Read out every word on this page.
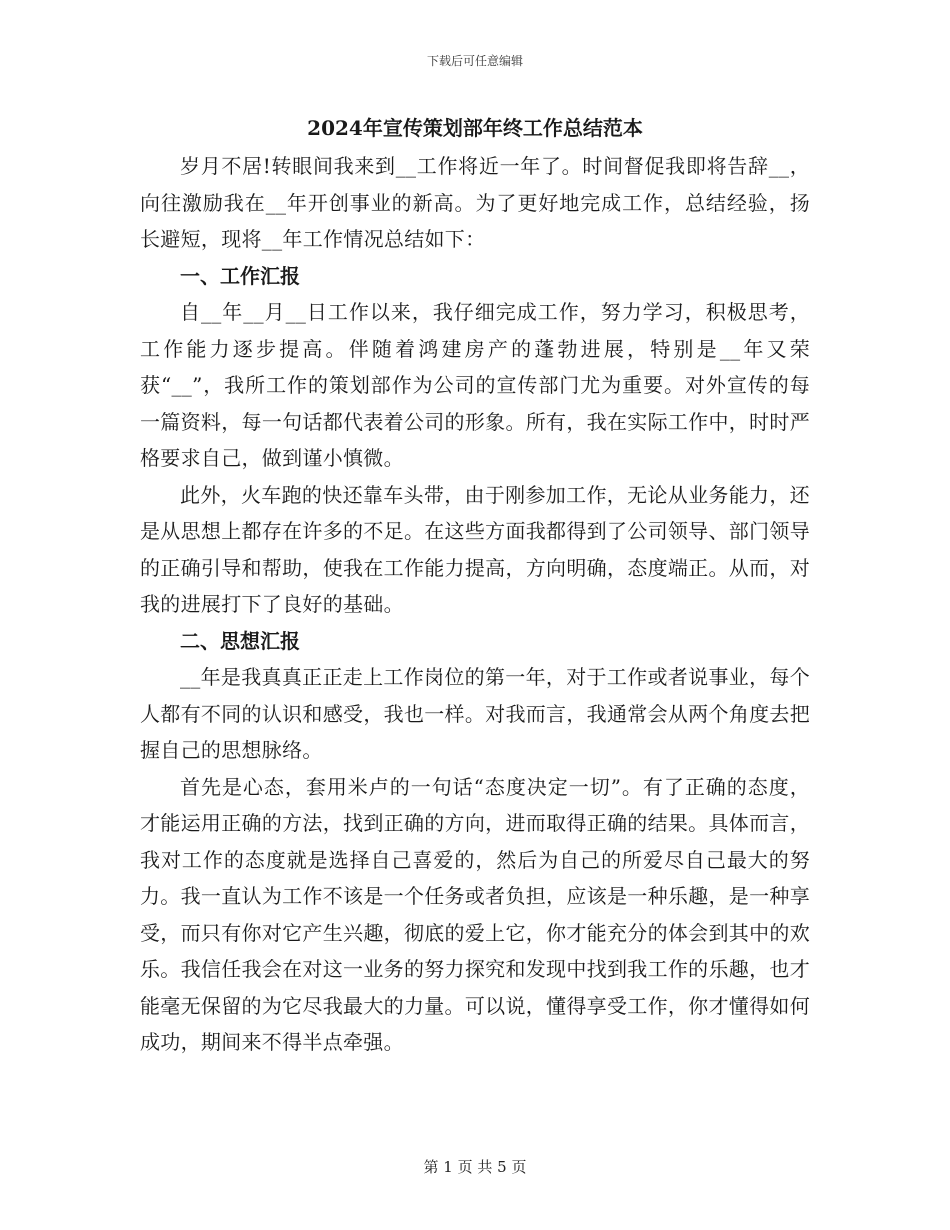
下载后可任意编辑
2024年宣传策划部年终工作总结范本

岁月不居!转眼间我来到__工作将近一年了。时间督促我即将告辞__，向往激励我在__年开创事业的新高。为了更好地完成工作，总结经验，扬长避短，现将__年工作情况总结如下：

一、工作汇报

自__年__月__日工作以来，我仔细完成工作，努力学习，积极思考，工作能力逐步提高。伴随着鸿建房产的蓬勃进展，特别是__年又荣获“__”，我所工作的策划部作为公司的宣传部门尤为重要。对外宣传的每一篇资料，每一句话都代表着公司的形象。所有，我在实际工作中，时时严格要求自己，做到谨小慎微。

此外，火车跑的快还靠车头带，由于刚参加工作，无论从业务能力，还是从思想上都存在许多的不足。在这些方面我都得到了公司领导、部门领导的正确引导和帮助，使我在工作能力提高，方向明确，态度端正。从而，对我的进展打下了良好的基础。

二、思想汇报

__年是我真真正正走上工作岗位的第一年，对于工作或者说事业，每个人都有不同的认识和感受，我也一样。对我而言，我通常会从两个角度去把握自己的思想脉络。

首先是心态，套用米卢的一句话“态度决定一切”。有了正确的态度，才能运用正确的方法，找到正确的方向，进而取得正确的结果。具体而言，我对工作的态度就是选择自己喜爱的，然后为自己的所爱尽自己最大的努力。我一直认为工作不该是一个任务或者负担，应该是一种乐趣，是一种享受，而只有你对它产生兴趣，彻底的爱上它，你才能充分的体会到其中的欢乐。我信任我会在对这一业务的努力探究和发现中找到我工作的乐趣，也才能毫无保留的为它尽我最大的力量。可以说，懂得享受工作，你才懂得如何成功，期间来不得半点牵强。

第 1 页 共 5 页
